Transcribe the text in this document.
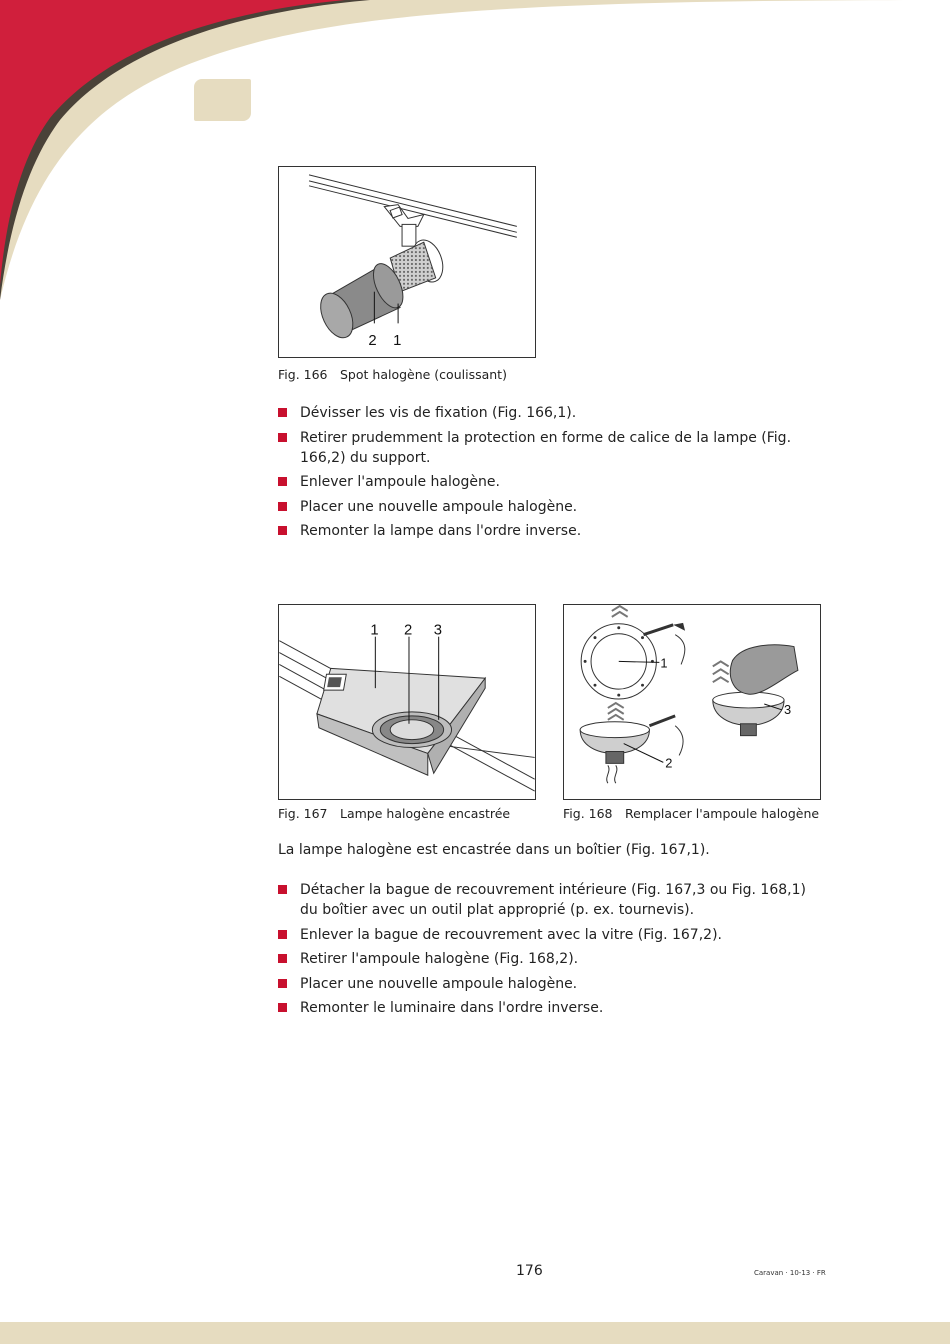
2 1
Fig. 166 Spot halogène (coulissant)
Dévisser les vis de fixation (Fig. 166,1).
Retirer prudemment la protection en forme de calice de la lampe (Fig. 166,2) du support.
Enlever l'ampoule halogène.
Placer une nouvelle ampoule halogène.
Remonter la lampe dans l'ordre inverse.
1 2 3
Fig. 167 Lampe halogène encastrée
1
2
3
Fig. 168 Remplacer l'ampoule halogène
La lampe halogène est encastrée dans un boîtier (Fig. 167,1).
Détacher la bague de recouvrement intérieure (Fig. 167,3 ou Fig. 168,1) du boîtier avec un outil plat approprié (p. ex. tournevis).
Enlever la bague de recouvrement avec la vitre (Fig. 167,2).
Retirer l'ampoule halogène (Fig. 168,2).
Placer une nouvelle ampoule halogène.
Remonter le luminaire dans l'ordre inverse.
176	Caravan · 10-13 · FR
